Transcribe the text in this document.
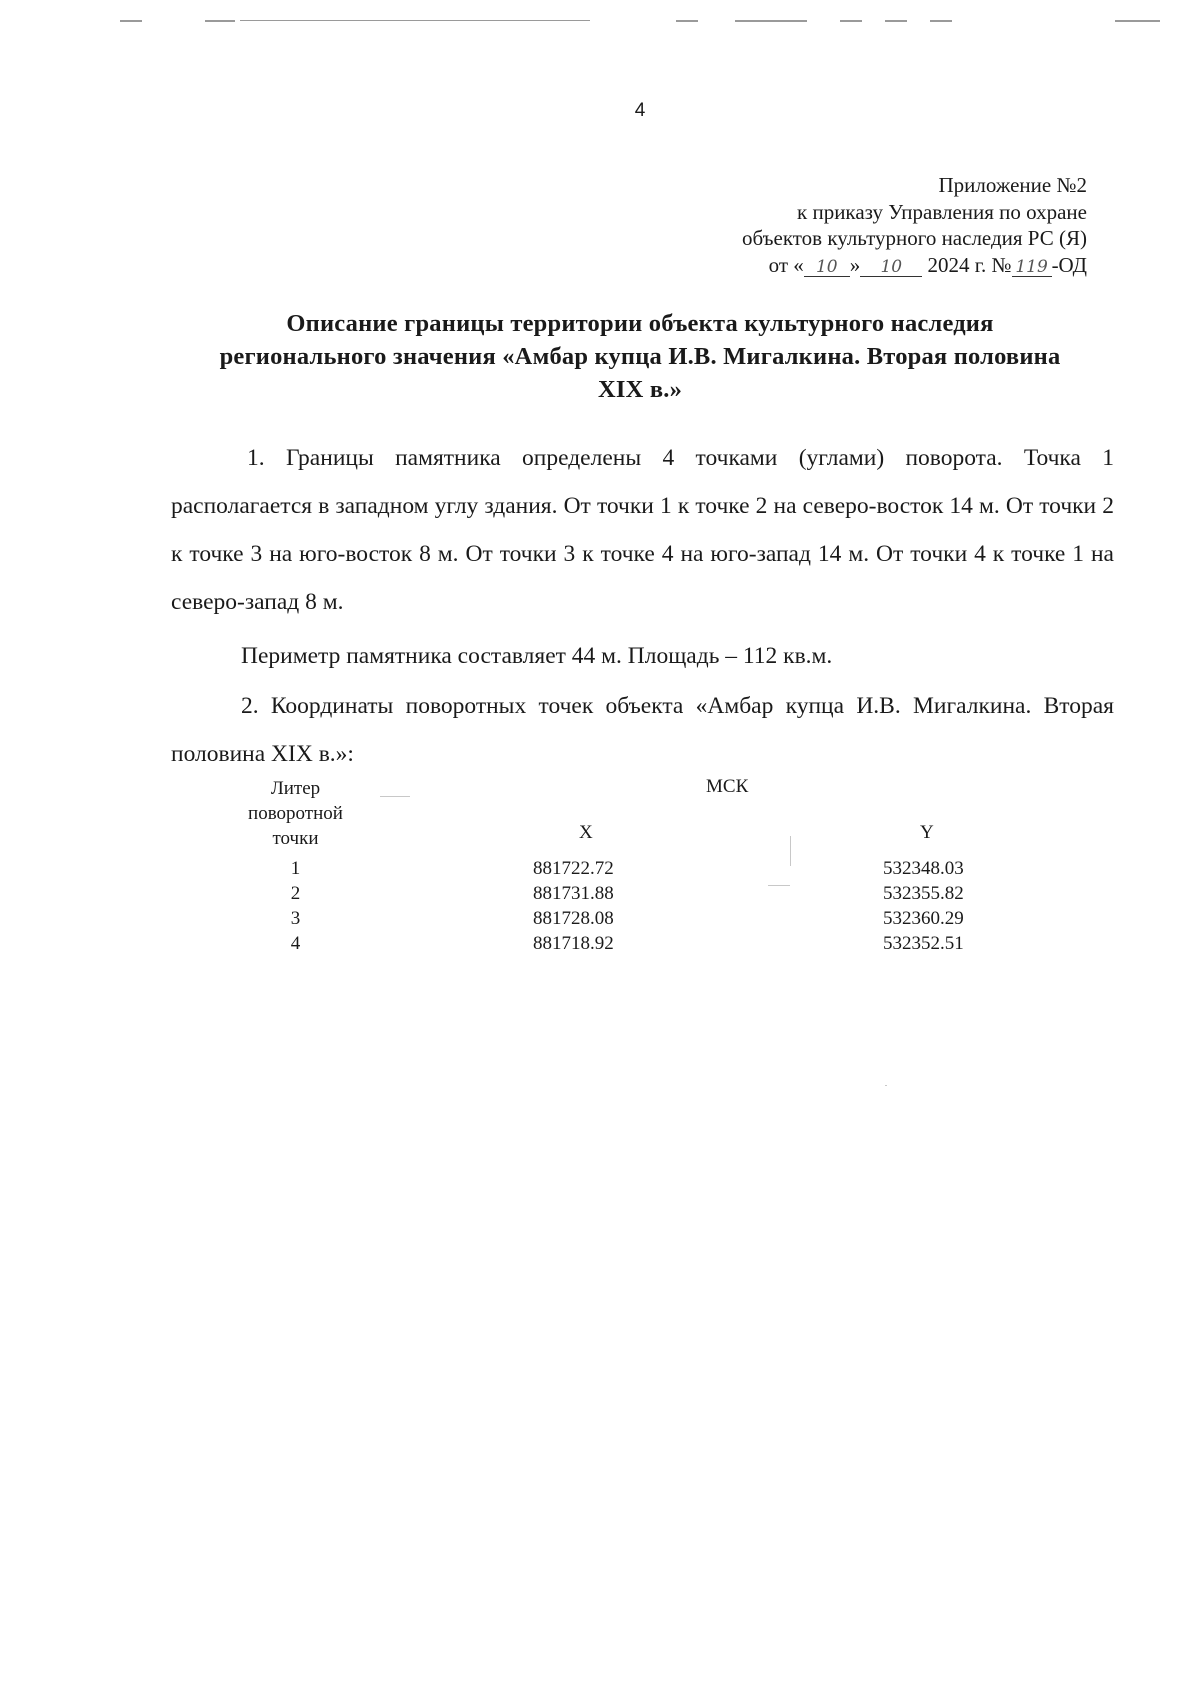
4
Приложение №2
к приказу Управления по охране
объектов культурного наследия РС (Я)
от « 10 » 10 2024 г. № 119 -ОД
Описание границы территории объекта культурного наследия регионального значения «Амбар купца И.В. Мигалкина. Вторая половина XIX в.»
1. Границы памятника определены 4 точками (углами) поворота. Точка 1 располагается в западном углу здания. От точки 1 к точке 2 на северо-восток 14 м. От точки 2 к точке 3 на юго-восток 8 м. От точки 3 к точке 4 на юго-запад 14 м. От точки 4 к точке 1 на северо-запад 8 м.
Периметр памятника составляет 44 м. Площадь – 112 кв.м.
2. Координаты поворотных точек объекта «Амбар купца И.В. Мигалкина. Вторая половина XIX в.»:
Литер
поворотной
точки
МСК
X	Y
1	881722.72	532348.03
2	881731.88	532355.82
3	881728.08	532360.29
4	881718.92	532352.51
